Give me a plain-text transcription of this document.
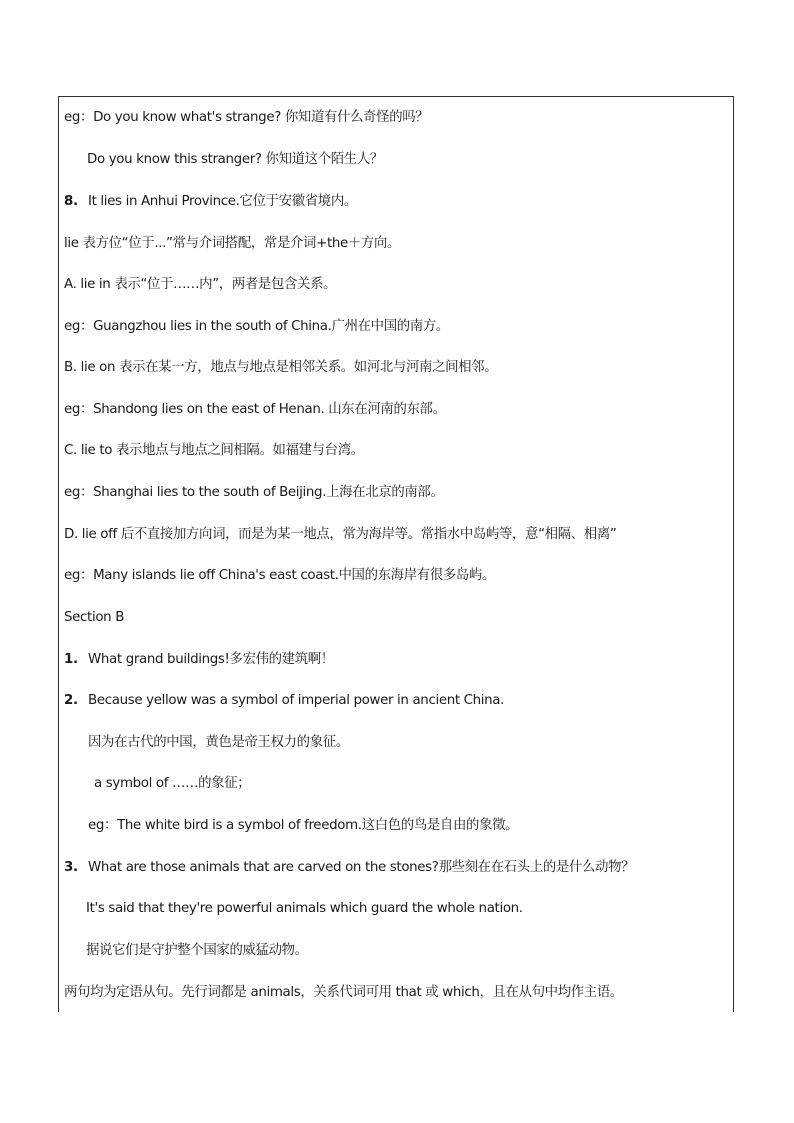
eg：Do you know what's strange? 你知道有什么奇怪的吗？
Do you know this stranger? 你知道这个陌生人？
8. It lies in Anhui Province.它位于安徽省境内。
lie 表方位“位于...”常与介词搭配，常是介词+the＋方向。
A. lie in 表示“位于……内”，两者是包含关系。
eg：Guangzhou lies in the south of China.广州在中国的南方。
B. lie on 表示在某一方，地点与地点是相邻关系。如河北与河南之间相邻。
eg：Shandong lies on the east of Henan. 山东在河南的东部。
C. lie to 表示地点与地点之间相隔。如福建与台湾。
eg：Shanghai lies to the south of Beijing.上海在北京的南部。
D. lie off 后不直接加方向词，而是为某一地点，常为海岸等。常指水中岛屿等，意“相隔、相离”
eg：Many islands lie off China's east coast.中国的东海岸有很多岛屿。
Section B
1. What grand buildings!多宏伟的建筑啊！
2. Because yellow was a symbol of imperial power in ancient China.
因为在古代的中国，黄色是帝王权力的象征。
a symbol of ……的象征；
eg：The white bird is a symbol of freedom.这白色的鸟是自由的象徵。
3. What are those animals that are carved on the stones?那些刻在在石头上的是什么动物？
It's said that they're powerful animals which guard the whole nation.
据说它们是守护整个国家的威猛动物。
两句均为定语从句。先行词都是 animals，关系代词可用 that 或 which，且在从句中均作主语。
